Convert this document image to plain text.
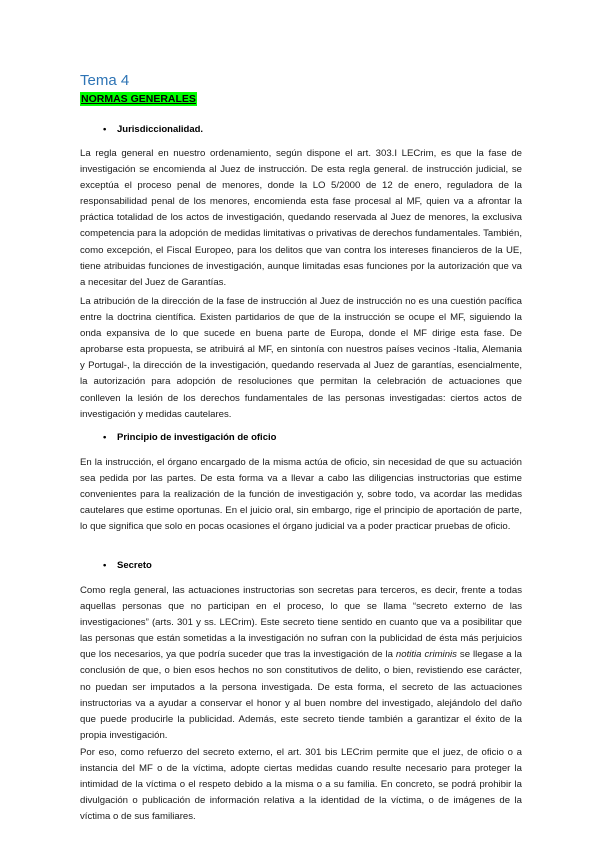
Tema 4
NORMAS GENERALES
• Jurisdiccionalidad.

La regla general en nuestro ordenamiento, según dispone el art. 303.I LECrim, es que la fase de investigación se encomienda al Juez de instrucción. De esta regla general. de instrucción judicial, se exceptúa el proceso penal de menores, donde la LO 5/2000 de 12 de enero, reguladora de la responsabilidad penal de los menores, encomienda esta fase procesal al MF, quien va a afrontar la práctica totalidad de los actos de investigación, quedando reservada al Juez de menores, la exclusiva competencia para la adopción de medidas limitativas o privativas de derechos fundamentales. También, como excepción, el Fiscal Europeo, para los delitos que van contra los intereses financieros de la UE, tiene atribuidas funciones de investigación, aunque limitadas esas funciones por la autorización que va a necesitar del Juez de Garantías.

La atribución de la dirección de la fase de instrucción al Juez de instrucción no es una cuestión pacífica entre la doctrina científica. Existen partidarios de que de la instrucción se ocupe el MF, siguiendo la onda expansiva de lo que sucede en buena parte de Europa, donde el MF dirige esta fase. De aprobarse esta propuesta, se atribuirá al MF, en sintonía con nuestros países vecinos -Italia, Alemania y Portugal-, la dirección de la investigación, quedando reservada al Juez de garantías, esencialmente, la autorización para adopción de resoluciones que permitan la celebración de actuaciones que conlleven la lesión de los derechos fundamentales de las personas investigadas: ciertos actos de investigación y medidas cautelares.

• Principio de investigación de oficio

En la instrucción, el órgano encargado de la misma actúa de oficio, sin necesidad de que su actuación sea pedida por las partes. De esta forma va a llevar a cabo las diligencias instructorias que estime convenientes para la realización de la función de investigación y, sobre todo, va acordar las medidas cautelares que estime oportunas. En el juicio oral, sin embargo, rige el principio de aportación de parte, lo que significa que solo en pocas ocasiones el órgano judicial va a poder practicar pruebas de oficio.

• Secreto

Como regla general, las actuaciones instructorias son secretas para terceros, es decir, frente a todas aquellas personas que no participan en el proceso, lo que se llama “secreto externo de las investigaciones” (arts. 301 y ss. LECrim). Este secreto tiene sentido en cuanto que va a posibilitar que las personas que están sometidas a la investigación no sufran con la publicidad de ésta más perjuicios que los necesarios, ya que podría suceder que tras la investigación de la notitia criminis se llegase a la conclusión de que, o bien esos hechos no son constitutivos de delito, o bien, revistiendo ese carácter, no puedan ser imputados a la persona investigada. De esta forma, el secreto de las actuaciones instructorias va a ayudar a conservar el honor y al buen nombre del investigado, alejándolo del daño que puede producirle la publicidad. Además, este secreto tiende también a garantizar el éxito de la propia investigación.

Por eso, como refuerzo del secreto externo, el art. 301 bis LECrim permite que el juez, de oficio o a instancia del MF o de la víctima, adopte ciertas medidas cuando resulte necesario para proteger la intimidad de la víctima o el respeto debido a la misma o a su familia. En concreto, se podrá prohibir la divulgación o publicación de información relativa a la identidad de la víctima, o de imágenes de la víctima o de sus familiares.
